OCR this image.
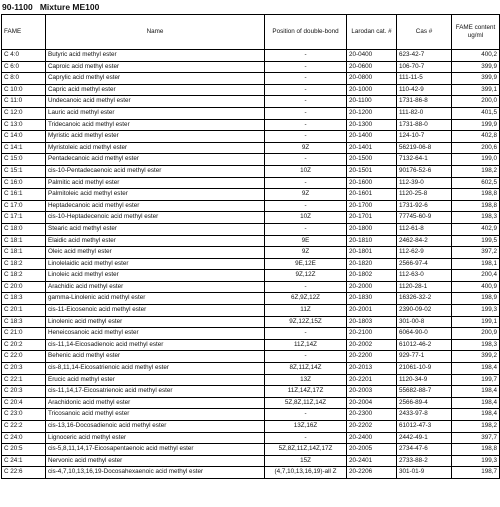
90-1100 Mixture ME100
FAME	Name	Position of double-bond	Larodan cat. #	Cas #	FAME content ug/ml
C 4:0	Butyric acid methyl ester	-	20-0400	623-42-7	400,2
C 6:0	Caproic acid methyl ester	-	20-0600	106-70-7	399,9
C 8:0	Caprylic acid methyl ester	-	20-0800	111-11-5	399,9
C 10:0	Capric acid methyl ester	-	20-1000	110-42-9	399,1
C 11:0	Undecanoic acid methyl ester	-	20-1100	1731-86-8	200,0
C 12:0	Lauric acid methyl ester	-	20-1200	111-82-0	401,5
C 13:0	Tridecanoic acid methyl ester	-	20-1300	1731-88-0	199,9
C 14:0	Myristic acid methyl ester	-	20-1400	124-10-7	402,8
C 14:1	Myristoleic acid methyl ester	9Z	20-1401	56219-06-8	200,6
C 15:0	Pentadecanoic acid methyl ester	-	20-1500	7132-64-1	199,0
C 15:1	cis-10-Pentadecaenoic acid methyl ester	10Z	20-1501	90176-52-6	198,2
C 16:0	Palmitic acid methyl ester	-	20-1600	112-39-0	602,5
C 16:1	Palmitoleic acid methyl ester	9Z	20-1601	1120-25-8	198,8
C 17:0	Heptadecanoic acid methyl ester	-	20-1700	1731-92-6	198,8
C 17:1	cis-10-Heptadecenoic acid methyl ester	10Z	20-1701	77745-60-9	198,3
C 18:0	Stearic acid methyl ester	-	20-1800	112-61-8	402,9
C 18:1	Elaidic acid methyl ester	9E	20-1810	2462-84-2	199,5
C 18:1	Oleic acid methyl ester	9Z	20-1801	112-62-9	397,2
C 18:2	Linolelaidic acid methyl ester	9E,12E	20-1820	2566-97-4	198,1
C 18:2	Linoleic acid methyl ester	9Z,12Z	20-1802	112-63-0	200,4
C 20:0	Arachidic acid methyl ester	-	20-2000	1120-28-1	400,9
C 18:3	gamma-Linolenic acid methyl ester	6Z,9Z,12Z	20-1830	16326-32-2	198,9
C 20:1	cis-11-Eicosenoic acid methyl ester	11Z	20-2001	2390-09-02	199,3
C 18:3	Linolenic acid methyl ester	9Z,12Z,15Z	20-1803	301-00-8	199,1
C 21:0	Heneicosanoic acid methyl ester	-	20-2100	6064-90-0	200,9
C 20:2	cis-11,14-Eicosadienoic acid methyl ester	11Z,14Z	20-2002	61012-46-2	198,3
C 22:0	Behenic acid methyl ester	-	20-2200	929-77-1	399,2
C 20:3	cis-8,11,14-Eicosatrienoic acid methyl ester	8Z,11Z,14Z	20-2013	21061-10-9	198,4
C 22:1	Erucic acid methyl ester	13Z	20-2201	1120-34-9	199,7
C 20:3	cis-11,14,17-Eicosatrienoic acid methyl ester	11Z,14Z,17Z	20-2003	55682-88-7	198,4
C 20:4	Arachidonic acid methyl ester	5Z,8Z,11Z,14Z	20-2004	2566-89-4	198,4
C 23:0	Tricosanoic acid methyl ester	-	20-2300	2433-97-8	198,4
C 22:2	cis-13,16-Docosadienoic acid methyl ester	13Z,16Z	20-2202	61012-47-3	198,2
C 24:0	Lignoceric acid methyl ester	-	20-2400	2442-49-1	397,7
C 20:5	cis-5,8,11,14,17-Eicosapentaenoic acid methyl ester	5Z,8Z,11Z,14Z,17Z	20-2005	2734-47-6	198,8
C 24:1	Nervonic acid methyl ester	15Z	20-2401	2733-88-2	199,3
C 22:6	cis-4,7,10,13,16,19-Docosahexaenoic acid methyl ester	(4,7,10,13,16,19)-all Z	20-2206	301-01-9	198,7
